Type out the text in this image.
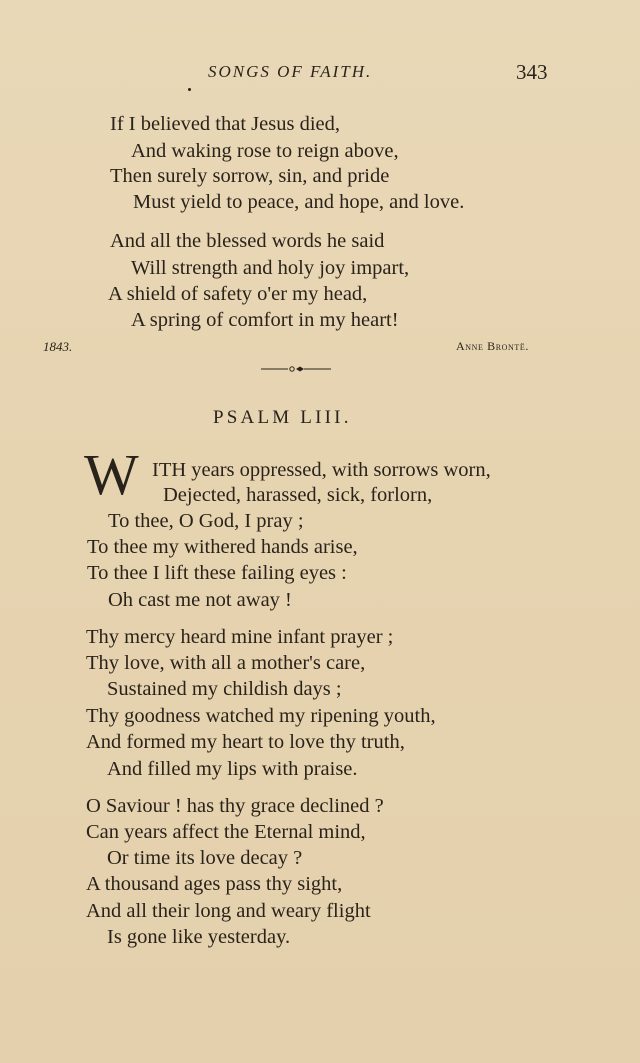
SONGS OF FAITH.	343
If I believed that Jesus died,
And waking rose to reign above,
Then surely sorrow, sin, and pride
Must yield to peace, and hope, and love.
And all the blessed words he said
Will strength and holy joy impart,
A shield of safety o'er my head,
A spring of comfort in my heart!
1843.	Anne Brontë.
PSALM LIII.
W ITH years oppressed, with sorrows worn,
Dejected, harassed, sick, forlorn,
To thee, O God, I pray ;
To thee my withered hands arise,
To thee I lift these failing eyes :
Oh cast me not away !
Thy mercy heard mine infant prayer ;
Thy love, with all a mother's care,
Sustained my childish days ;
Thy goodness watched my ripening youth,
And formed my heart to love thy truth,
And filled my lips with praise.
O Saviour ! has thy grace declined ?
Can years affect the Eternal mind,
Or time its love decay ?
A thousand ages pass thy sight,
And all their long and weary flight
Is gone like yesterday.
